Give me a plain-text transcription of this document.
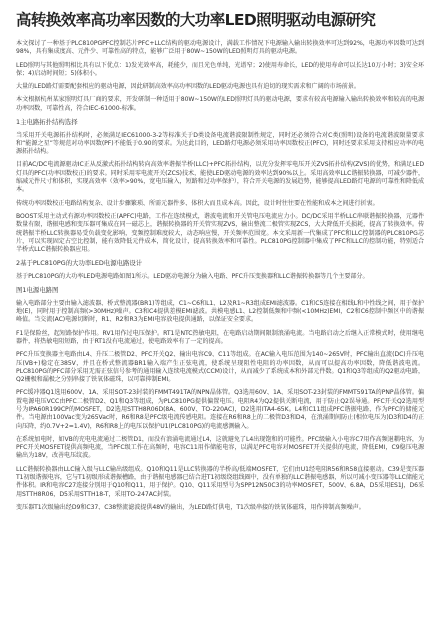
高转换效率高功率因数的大功率LED照明驱动电源研究

本文探讨了一种基于PLC810PGPFC控制芯片PFC+LLC结构的驱动电源设计，满载工作情况下电源输入输出转换效率可达到92%，电源功率因数可达到98%，具有集成度高、元件少、可靠性高的特点，能够广泛用于80W~150W的LED照明灯具的驱动电源。

LED照明与其他照明相比具有以下优点：1)发光效率高，耗能少，而且光色单纯，光谱窄；2)使用寿命长，LED的使用寿命可以长达10万小时；3)安全环保；4)启动时间短；5)体积小。

大量的LED路灯需要配套相应的驱动电源，因此研制高效率高功率因数的LED驱动电源也具有迫切的现实需求和广阔的市场前景。

本文根据杭州某家照明灯具厂商的要求，开发研制一种适用于80W~150W的LED照明灯具的驱动电源，要求有较高电源输入输出转换效率和较高的电源功率因数，可靠性高，符合IEC-61000-标准。

1主电路拓扑结构选择

当采用开关电源拓扑结构时，必须满足IEC61000-3-2等标准关于D类设备电流谐波限制性规定，同时还必须符合对C类(照明)设备的电流谐波限量要求和“能源之星”等规范对功率因数(PF)不能低于0.90的要求。为达此目的，LED路灯电源必须采用功率因数校正(PFC)，同时还要求采用支持相应功率的电源拓扑结构。

目前AC/DC电流源驱动IC正从反激式拓扑结构转向高效率谐振半桥(LLC)+PFC拓扑结构，以充分发挥零电压开关ZVS拓扑结构(ZVS)的优势，和满足LED灯具的PFC(功率因数校正)的要求。同时采用零电流开关(ZCS)技术，能使LED驱动电源的效率达到90%以上。采用高效率LLC谐振转换器，可减少器件，缩减元件尺寸和体积，实现高效率（效率>90%，宽电压输入，短路和过功率保护），符合开关电源的发展趋势，能够提高LED路灯电源的可靠性和降低成本。

传统功率因数校正电路结构复杂、设计步骤繁琐、所需元器件多、体积大而且成本高。因此，设计时往往要在性能和成本之间进行折衷。

BOOST采用主动式有源功率因数校正(APFC)电路，工作在连续模式，谐波电流和开关管电压电流应力小。DC/DC采用半桥LLC串联谐振转换器，元器件数量有限，谐振电感和变压器可集成在同一磁芯上，谐振转换器的开关管实现ZVS，输出整流二极管实现ZCS，大大降低开关损耗，提高了转换效率。传统谐振半桥LLC转换器易受负载变化影响，变频控制难度较大，动态响应慢，开关频率范围宽。本文采用新一代集成了PFC和LLC控制器的PLC810PG芯片，可以实现固定占空比控制，能有效降低元件成本，简化设计，提高转换效率和可靠性。PLC810PG控制器中集成了PFC和LLC的控制功能，特别适合半桥式LLC谐振转换器应用。

2基于PLC810PG的大功率LED电源电路设计

基于PLC810PG的大功率LED电源电路如图1所示。LED驱动电源分为输入电路、PFC升压变换器和LLC谐振转换器等几个主要部分。

图1电源电路图

输入电路部分主要由输入滤波器、桥式整流器(BR1)等组成，C1~C6和L1、L2及R1~R3组成EMI滤波器。C1和C5连接在相线L和中性线之间，用于保护地(E)，同时用于控制高频(>30MHz)噪声。C3和C4提供差模EMI滤波。共模电感L1、L2控制低频和中频(<10MHz)EMI，C2和C6控制中频区中的谐振峰值。当交流(AC)电源切断时，R1、R2和R3为EMI电容放电提供通路，以保证安全要求。

F1是保险丝，起短路保护作用。RV1用作过电压保护。RT1是NTC热敏电阻，在电路启动期间限制浪涌电流。当电路启动之后继入正常模式时，使用继电器件，将热敏电阻短路，由于RT1没有电流通过，使电路效率有了一定的提高。

PFC升压变换器主电路由L4、升压二极管D2、PFC开关Q2、输出电容C9、C11等组成。在AC输入电压范围为140~265V时，PFC输出直流(DC)升压电压(VB+)稳定在385V，并且在桥式整流器BR1输入端产生正弦电流，使系统呈现阻性电阻的功率因数，从而可以提高功率因数，降低谐波电流。PLC810PG的PFC部分采用无需正弦信号参考的通用输入连续电流模式(CCM)设计，从而减少了系统成本和外部元件数。Q1和Q3等组成的Q2驱动电路，Q2栅极和漏极之分别串接了铁氧体磁珠，以可靠抑制EMI。

PFC缓冲器Q1选用600V、1A、采用SOT-23封装的FMMT491TA的NPN晶体管。Q3选用60V、1A、采用SOT-23封装的FMMT591TA的PNP晶体管。偏置电源电压VCC由PFC二极管D2、Q1和Q3等组成，为PLC810PG提供偏置电压。电阻R4为Q2提供关断电流，用于防止Q2误导通。PFC开关Q2选用型号为IPA60R199CP的MOSFET，D2选用STTH8R06D(8A、600V、TO-220AC)，D2选用ITA4-65K。L4和C11组成PFC谐振电路，作为PFC的储能元件。当电源由100Vac变为265Vac时，R6和R8是PFC级电流传感电阻。连接在R6和R8上的二极管D3和D4，在浪涌期间防止(相位电压为)D3和D4的正向压降，约0.7V+2=1.4V)，R6和R8上的电压以保护U1(PLC810PG)的电流感测输入。

在系统加电时，如VB的充电电流通过二极管D1，而没有浪涌电流通过L4，这就避免了L4出现饱和的可能性。PFC级输入小电容C7用作高频退耦电容，为PFC开关MOSFET提供高频电流，当PFC级工作在高频时，电容C11用作储能电容，以满足PFC电容对MOSFET开关提供的电流，降低EMI，C9稳压电源输出为18V，改善电压纹波。

LLC谐振转换器由LLC输入级与LLC输出级组成。Q10和Q11是LLC转换器的半桥高/低端MOSFET，它们由U1经电阻R56和R58直接驱动。C39是变压器T1初级谐振电容，它与T1初级形成谐振槽路，由于谐振电感器已结合进T1初级绕组线圈中，没有单独的LLC谐振电感器，所以可减小变压器等LLC储能元件体积。IR和电容C27连接分别用于Q10和Q11，用于保护。Q10、Q11采用型号为SPP12N50C3的功率MOSFET，500V、6.8A，D5采用ES1J，D6采用STTH8R06，D5采用STTH18-T，采用TO-247AC封装。

变压器T1次级输出经D9和C37、C38整流滤波提供48V的输出，为LED路灯供电，T1次级串接的铁氧体磁珠，用作抑制高频噪声。
